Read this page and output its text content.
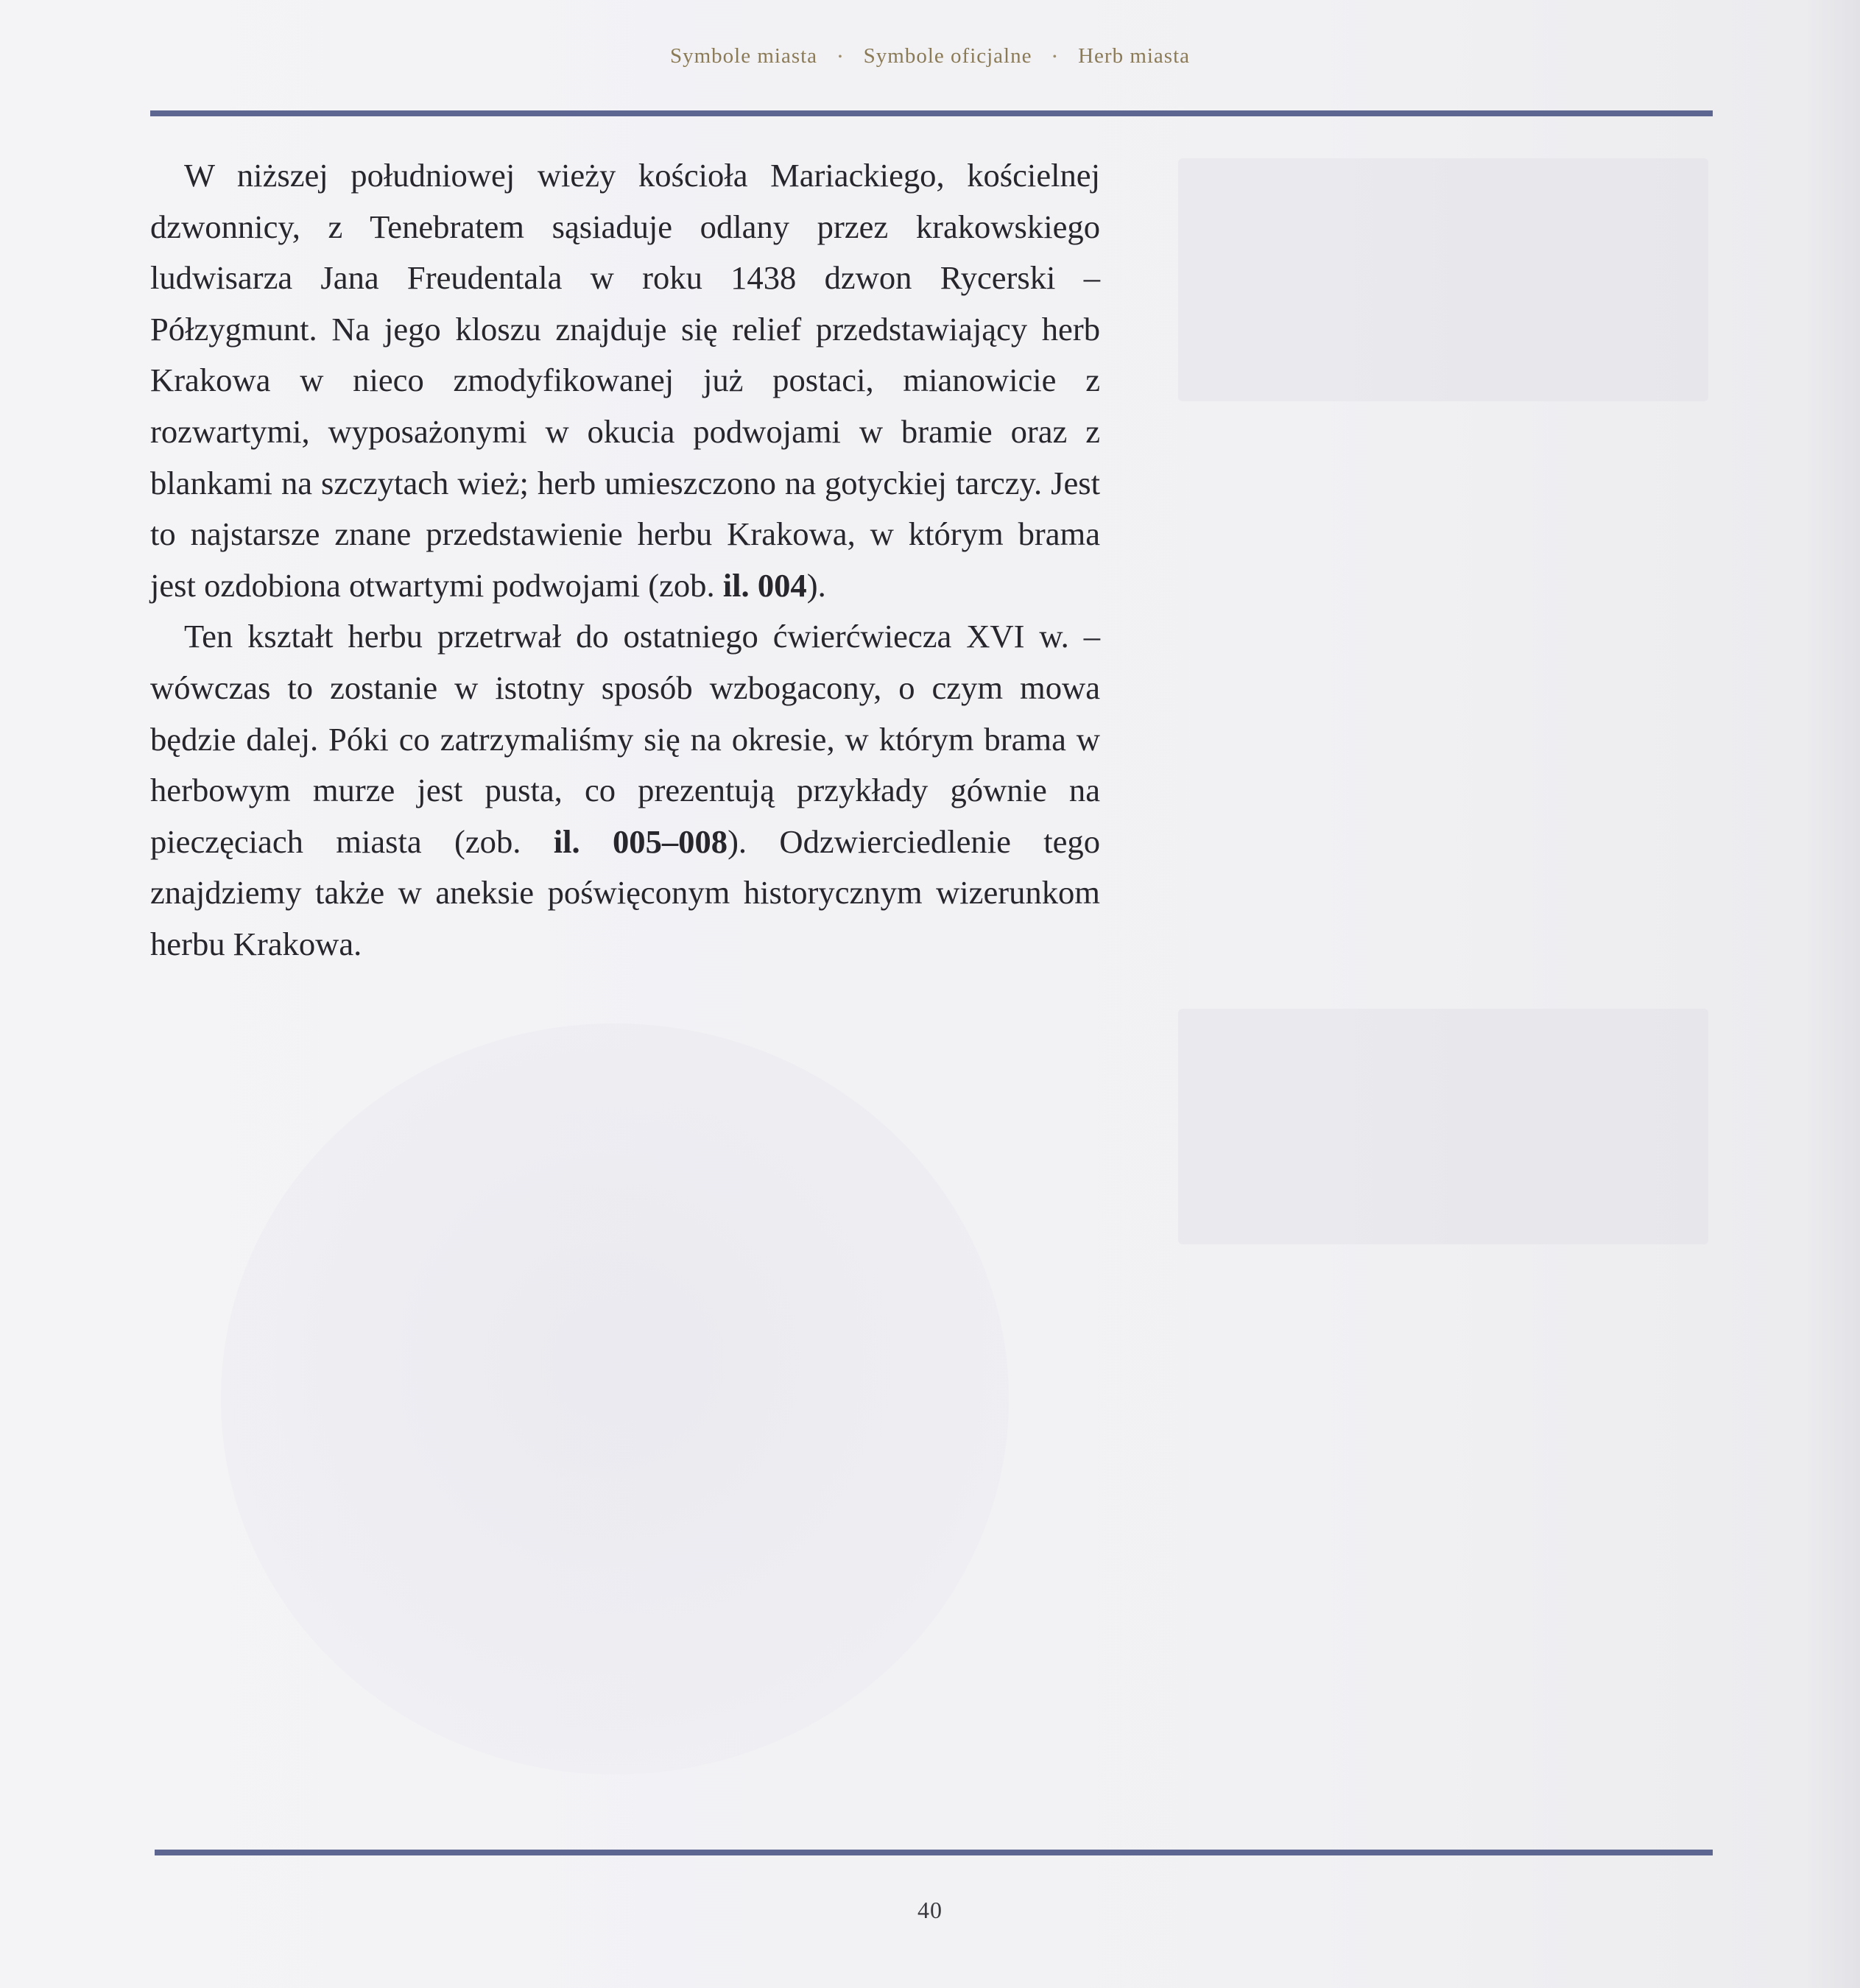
Symbole miasta • Symbole oficjalne • Herb miasta

W niższej południowej wieży kościoła Mariackiego, kościelnej dzwonnicy, z Tenebratem sąsiaduje odlany przez krakowskiego ludwisarza Jana Freudentala w roku 1438 dzwon Rycerski – Półzygmunt. Na jego kloszu znajduje się relief przedstawiający herb Krakowa w nieco zmodyfikowanej już postaci, mianowicie z rozwartymi, wyposażonymi w okucia podwojami w bramie oraz z blankami na szczytach wież; herb umieszczono na gotyckiej tarczy. Jest to najstarsze znane przedstawienie herbu Krakowa, w którym brama jest ozdobiona otwartymi podwojami (zob. il. 004).

Ten kształt herbu przetrwał do ostatniego ćwierćwiecza XVI w. – wówczas to zostanie w istotny sposób wzbogacony, o czym mowa będzie dalej. Póki co zatrzymaliśmy się na okresie, w którym brama w herbowym murze jest pusta, co prezentują przykłady gównie na pieczęciach miasta (zob. il. 005–008). Odzwierciedlenie tego znajdziemy także w aneksie poświęconym historycznym wizerunkom herbu Krakowa.

40
